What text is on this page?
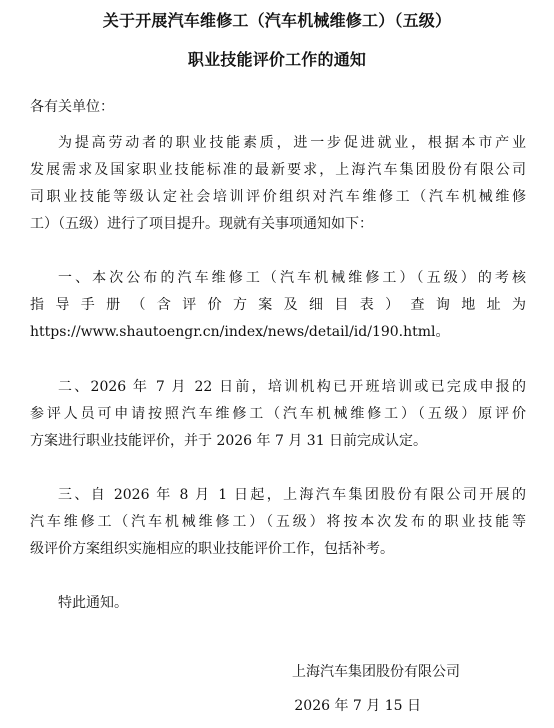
关于开展汽车维修工（汽车机械维修工）（五级）
职业技能评价工作的通知
各有关单位：
为提高劳动者的职业技能素质，进一步促进就业，根据本市产业
发展需求及国家职业技能标准的最新要求，上海汽车集团股份有限公司
司职业技能等级认定社会培训评价组织对汽车维修工（汽车机械维修
工）（五级）进行了项目提升。现就有关事项通知如下：
一、本次公布的汽车维修工（汽车机械维修工）（五级）的考核
指 导 手 册 （ 含 评 价 方 案 及 细 目 表 ） 查 询 地 址 为
https://www.shautoengr.cn/index/news/detail/id/190.html。
二、2026 年 7 月 22 日前，培训机构已开班培训或已完成申报的
参评人员可申请按照汽车维修工（汽车机械维修工）（五级）原评价
方案进行职业技能评价，并于 2026 年 7 月 31 日前完成认定。
三、自 2026 年 8 月 1 日起，上海汽车集团股份有限公司开展的
汽车维修工（汽车机械维修工）（五级）将按本次发布的职业技能等
级评价方案组织实施相应的职业技能评价工作，包括补考。
特此通知。
上海汽车集团股份有限公司
2026 年 7 月 15 日
